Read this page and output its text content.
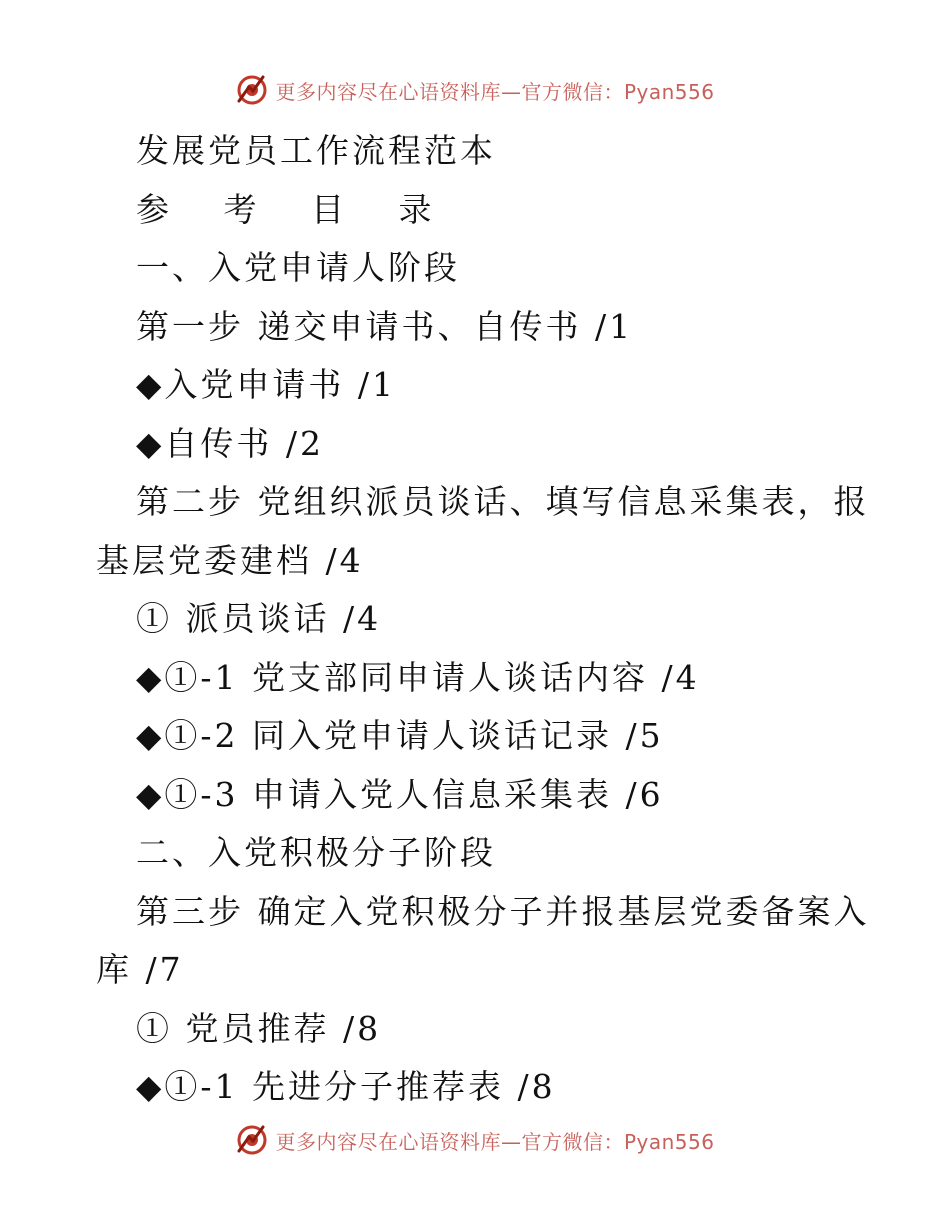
更多内容尽在心语资料库—官方微信：Pyan556
发展党员工作流程范本
参 考 目 录
一、入党申请人阶段
第一步 递交申请书、自传书 /1
◆入党申请书 /1
◆自传书 /2
第二步 党组织派员谈话、填写信息采集表，报
基层党委建档 /4
① 派员谈话 /4
◆①-1 党支部同申请人谈话内容 /4
◆①-2 同入党申请人谈话记录 /5
◆①-3 申请入党人信息采集表 /6
二、入党积极分子阶段
第三步 确定入党积极分子并报基层党委备案入
库 /7
① 党员推荐 /8
◆①-1 先进分子推荐表 /8
更多内容尽在心语资料库—官方微信：Pyan556
